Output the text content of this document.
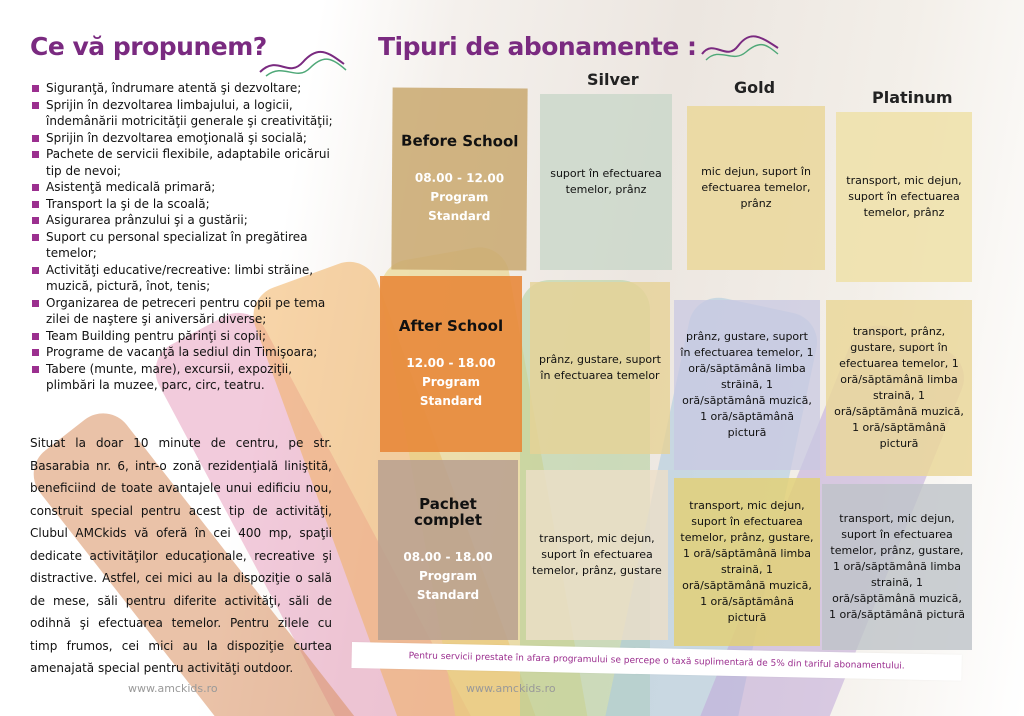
Ce vă propunem?
Siguranţă, îndrumare atentă şi dezvoltare;
Sprijin în dezvoltarea limbajului, a logicii, îndemânării motricităţii generale şi creativităţii;
Sprijin în dezvoltarea emoţională şi socială;
Pachete de servicii flexibile, adaptabile oricărui tip de nevoi;
Asistenţă medicală primară;
Transport la şi de la scoală;
Asigurarea prânzului şi a gustării;
Suport cu personal specializat în pregătirea temelor;
Activităţi educative/recreative: limbi străine, muzică, pictură, înot, tenis;
Organizarea de petreceri pentru copii pe tema zilei de naştere şi aniversări diverse;
Team Building pentru părinţi si copii;
Programe de vacanţă la sediul din Timişoara;
Tabere (munte, mare), excursii, expoziţii, plimbări la muzee, parc, circ, teatru.
Situat la doar 10 minute de centru, pe str. Basarabia nr. 6, intr-o zonă rezidenţială liniştită, beneficiind de toate avantajele unui edificiu nou, construit special pentru acest tip de activităţi, Clubul AMCkids vă oferă în cei 400 mp, spaţii dedicate activităţilor educaţionale, recreative şi distractive. Astfel, cei mici au la dispoziţie o sală de mese, săli pentru diferite activităţi, săli de odihnă şi efectuarea temelor. Pentru zilele cu timp frumos, cei mici au la dispoziţie curtea amenajată special pentru activităţi outdoor.
www.amckids.ro
Tipuri de abonamente :
Silver	Gold
Platinum
Before School
08.00 - 12.00
Program
Standard
suport în efectuarea temelor, prânz
mic dejun, suport în efectuarea temelor, prânz
transport, mic dejun, suport în efectuarea temelor, prânz
After School
12.00 - 18.00
Program
Standard
prânz, gustare, suport în efectuarea temelor
prânz, gustare, suport în efectuarea temelor, 1 oră/săptămână limba străină, 1 oră/săptămână muzică, 1 oră/săptămână pictură
transport, prânz, gustare, suport în efectuarea temelor, 1 oră/săptămână limba straină, 1 oră/săptămână muzică, 1 oră/săptămână pictură
Pachet complet
08.00 - 18.00
Program
Standard
transport, mic dejun, suport în efectuarea temelor, prânz, gustare
transport, mic dejun, suport în efectuarea temelor, prânz, gustare, 1 oră/săptămână limba straină, 1 oră/săptămână muzică, 1 oră/săptămână pictură
transport, mic dejun, suport în efectuarea temelor, prânz, gustare, 1 oră/săptămână limba straină, 1 oră/săptămână muzică, 1 oră/săptămână pictură
Pentru servicii prestate în afara programului se percepe o taxă suplimentară de 5% din tariful abonamentului.
www.amckids.ro
